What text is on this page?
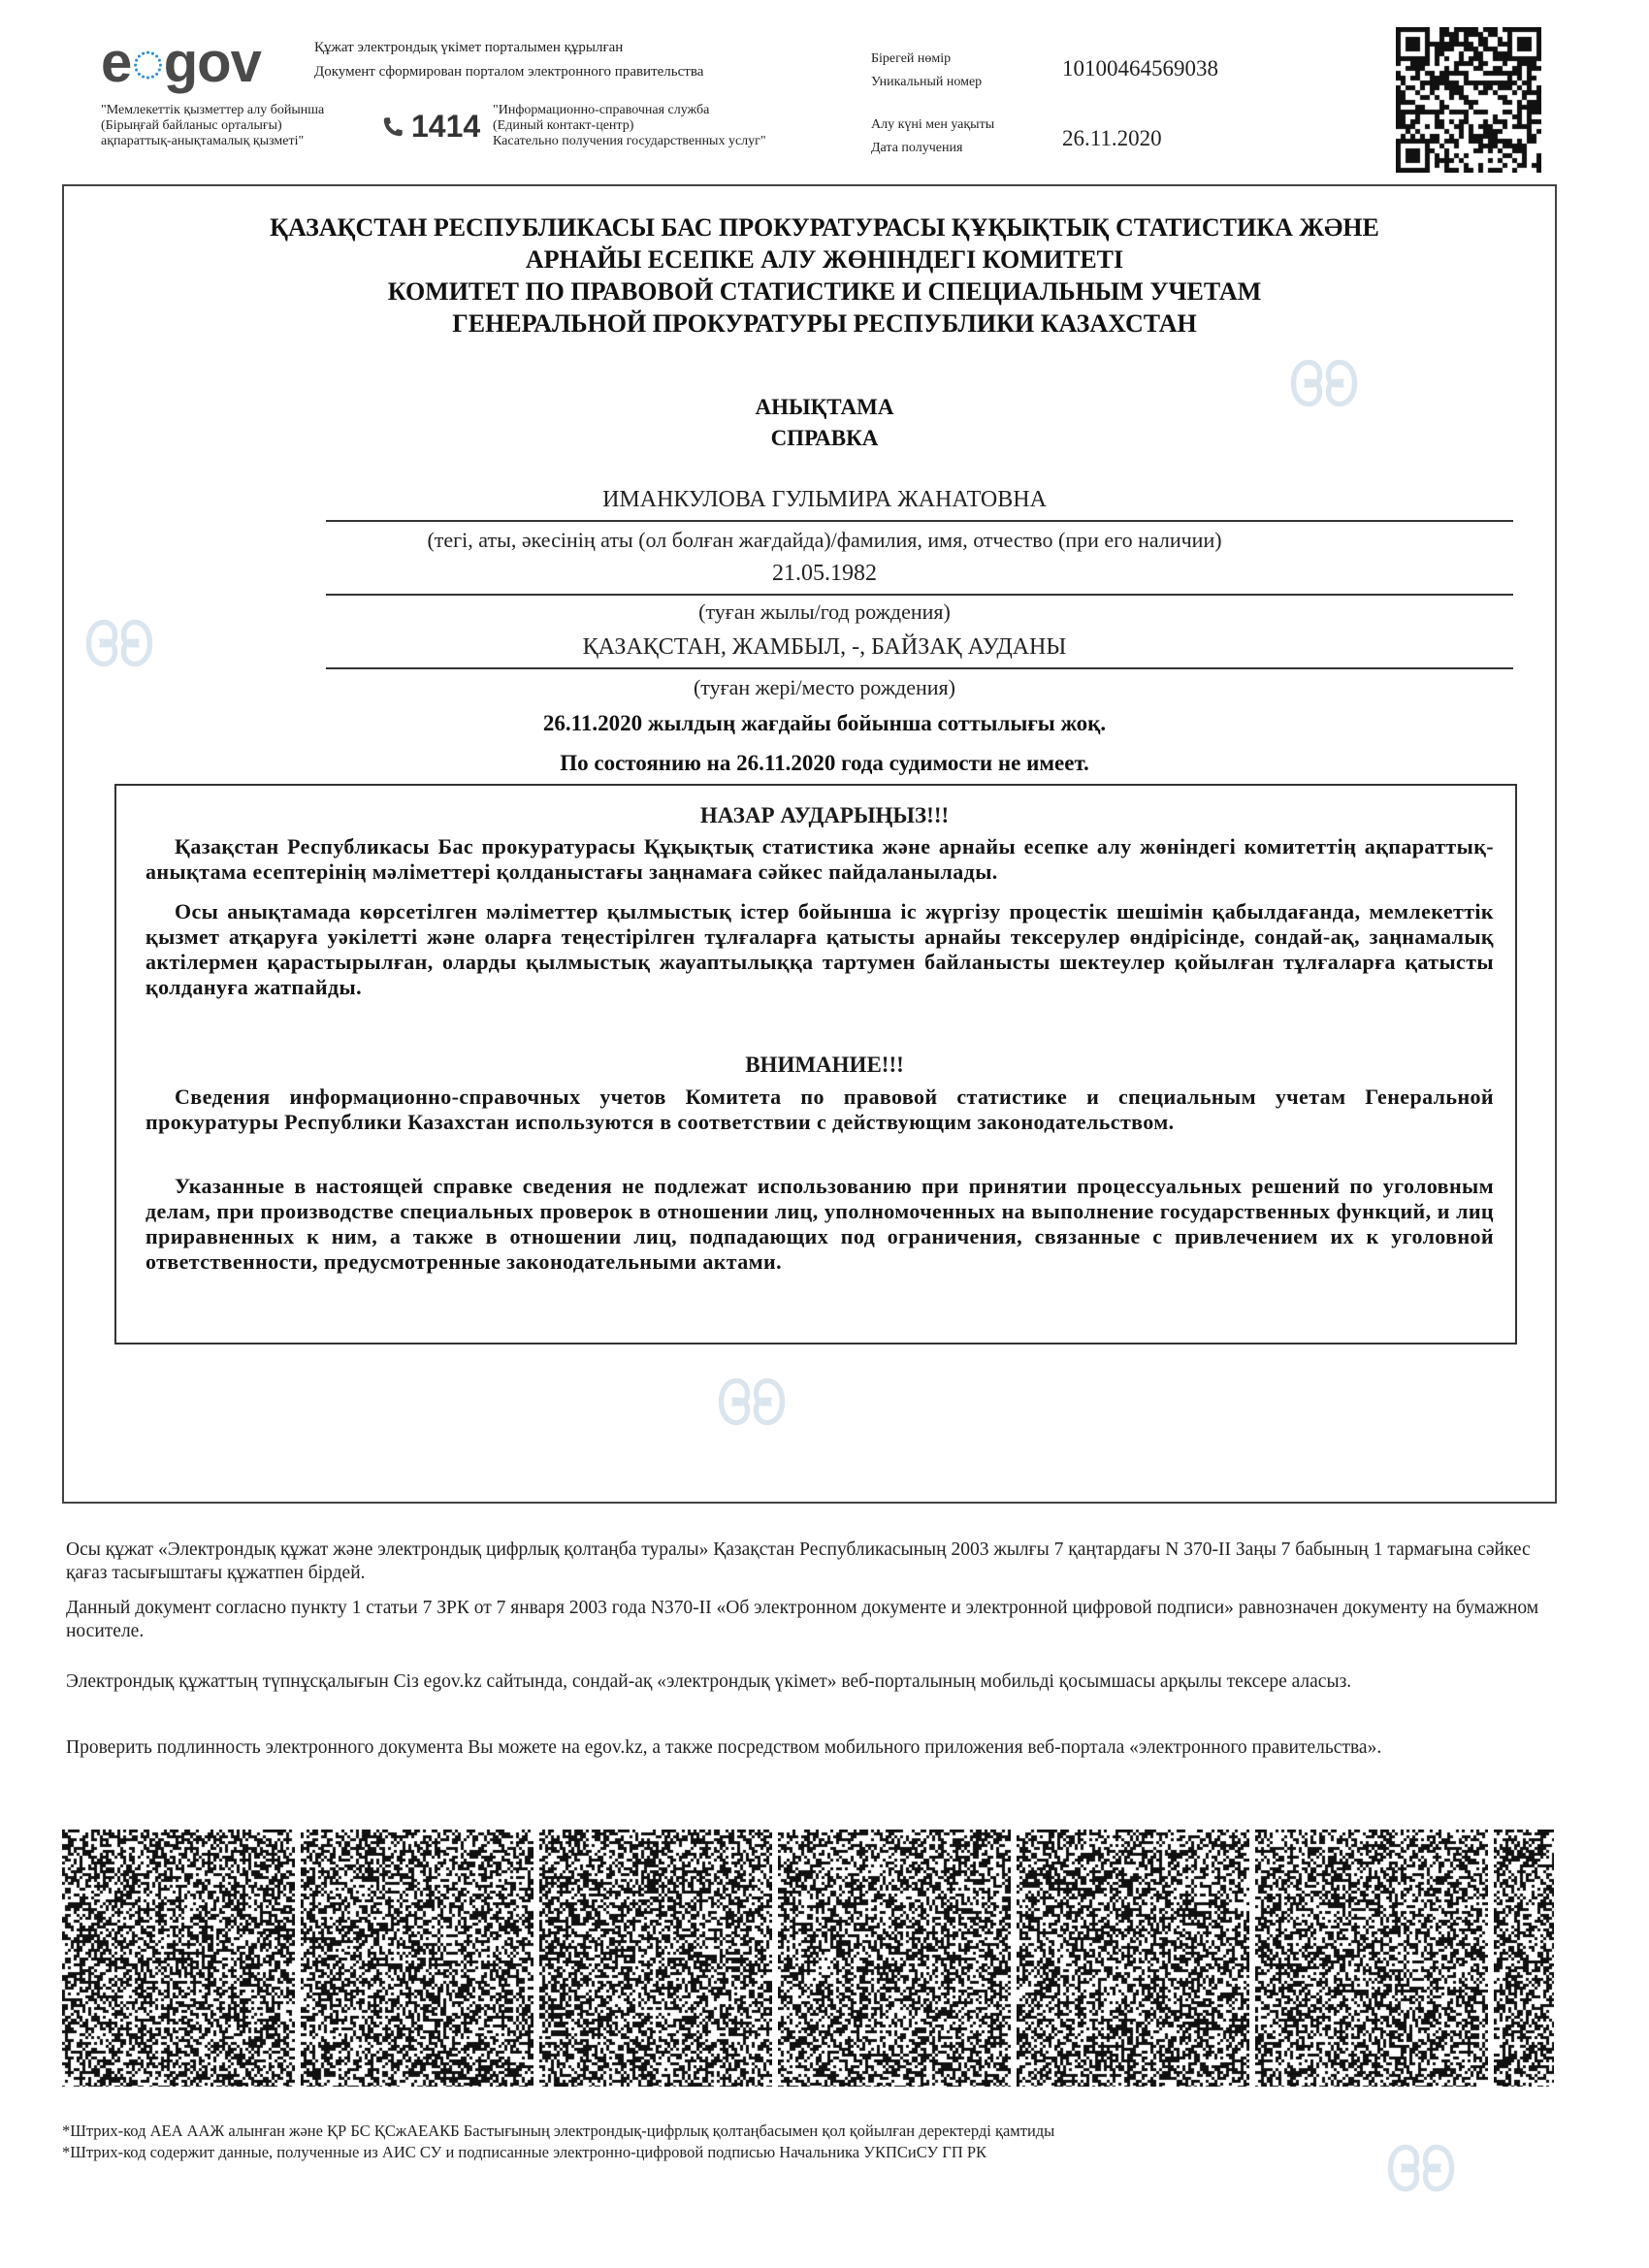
e◌gov	Құжат электрондық үкімет порталымен құрылған
Документ сформирован порталом электронного правительства
"Мемлекеттік қызметтер алу бойынша
(Бірыңғай байланыс орталығы)
ақпараттық-анықтамалық қызметі"	1414 "Информационно-справочная служба
(Единый контакт-центр)
Касательно получения государственных услуг"
Бірегей нөмір
Уникальный номер
10100464569038
Алу күні мен уақыты
Дата получения	26.11.2020
ҚАЗАҚСТАН РЕСПУБЛИКАСЫ БАС ПРОКУРАТУРАСЫ ҚҰҚЫҚТЫҚ СТАТИСТИКА ЖӘНЕ
АРНАЙЫ ЕСЕПКЕ АЛУ ЖӨНІНДЕГІ КОМИТЕТІ
КОМИТЕТ ПО ПРАВОВОЙ СТАТИСТИКЕ И СПЕЦИАЛЬНЫМ УЧЕТАМ
ГЕНЕРАЛЬНОЙ ПРОКУРАТУРЫ РЕСПУБЛИКИ КАЗАХСТАН
АНЫҚТАМА
СПРАВКА
ИМАНКУЛОВА ГУЛЬМИРА ЖАНАТОВНА
(тегі, аты, әкесінің аты (ол болған жағдайда)/фамилия, имя, отчество (при его наличии)
21.05.1982
(туған жылы/год рождения)
ҚАЗАҚСТАН, ЖАМБЫЛ, -, БАЙЗАҚ АУДАНЫ
(туған жері/место рождения)
26.11.2020 жылдың жағдайы бойынша соттылығы жоқ.
По состоянию на 26.11.2020 года судимости не имеет.
НАЗАР АУДАРЫҢЫЗ!!!
Қазақстан Республикасы Бас прокуратурасы Құқықтық статистика және арнайы есепке алу жөніндегі комитеттің ақпараттық-анықтама есептерінің мәліметтері қолданыстағы заңнамаға сәйкес пайдаланылады.
Осы анықтамада көрсетілген мәліметтер қылмыстық істер бойынша іс жүргізу процестік шешімін қабылдағанда, мемлекеттік қызмет атқаруға уәкілетті және оларға теңестірілген тұлғаларға қатысты арнайы тексерулер өндірісінде, сондай-ақ, заңнамалық актілермен қарастырылған, оларды қылмыстық жауаптылыққа тартумен байланысты шектеулер қойылған тұлғаларға қатысты қолдануға жатпайды.
ВНИМАНИЕ!!!
Сведения информационно-справочных учетов Комитета по правовой статистике и специальным учетам Генеральной прокуратуры Республики Казахстан используются в соответствии с действующим законодательством.
Указанные в настоящей справке сведения не подлежат использованию при принятии процессуальных решений по уголовным делам, при производстве специальных проверок в отношении лиц, уполномоченных на выполнение государственных функций, и лиц приравненных к ним, а также в отношении лиц, подпадающих под ограничения, связанные с привлечением их к уголовной ответственности, предусмотренные законодательными актами.
Осы құжат «Электрондық құжат және электрондық цифрлық қолтаңба туралы» Қазақстан Республикасының 2003 жылғы 7 қаңтардағы N 370-II Заңы 7 бабының 1 тармағына сәйкес қағаз тасығыштағы құжатпен бірдей.
Данный документ согласно пункту 1 статьи 7 ЗРК от 7 января 2003 года N370-II «Об электронном документе и электронной цифровой подписи» равнозначен документу на бумажном носителе.
Электрондық құжаттың түпнұсқалығын Сіз egov.kz сайтында, сондай-ақ «электрондық үкімет» веб-порталының мобильді қосымшасы арқылы тексере аласыз.
Проверить подлинность электронного документа Вы можете на egov.kz, а также посредством мобильного приложения веб-портала «электронного правительства».
*Штрих-код АЕА ААЖ алынған және ҚР БС ҚСжАЕАКБ Бастығының электрондық-цифрлық қолтаңбасымен қол қойылған деректерді қамтиды
*Штрих-код содержит данные, полученные из АИС СУ и подписанные электронно-цифровой подписью Начальника УКПСиСУ ГП РК
